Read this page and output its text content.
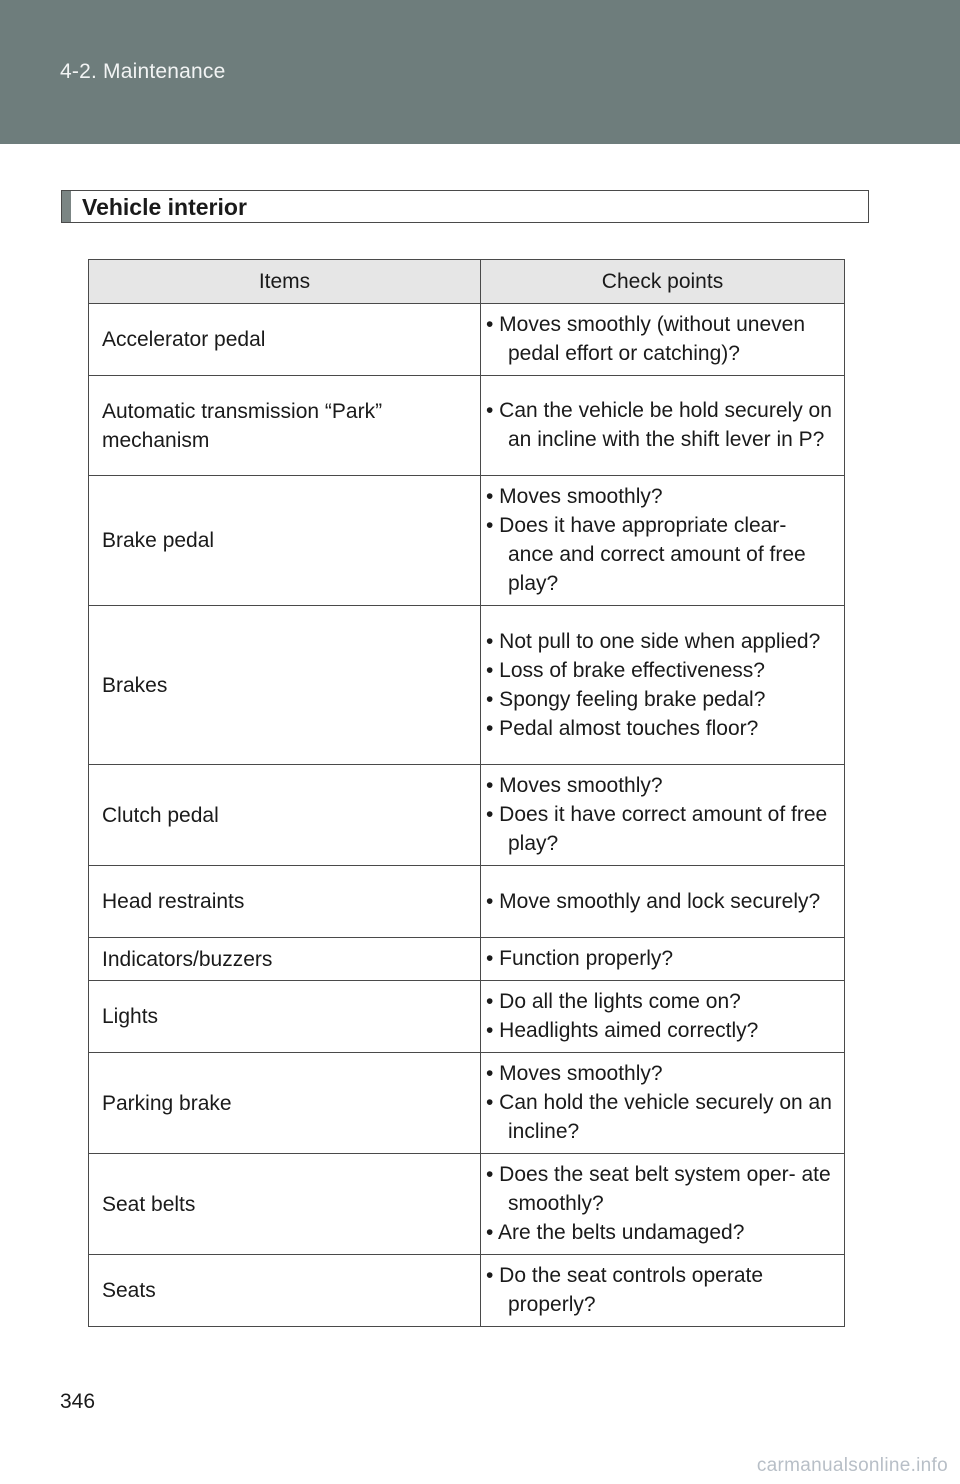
4-2. Maintenance
Vehicle interior
Items	Check points

Accelerator pedal	• Moves smoothly (without uneven pedal effort or catching)?

Automatic transmission “Park”
mechanism	• Can the vehicle be hold securely on an incline with the shift lever in P?

Brake pedal	• Moves smoothly?
• Does it have appropriate clear- ance and correct amount of free play?

Brakes	• Not pull to one side when applied?
• Loss of brake effectiveness?
• Spongy feeling brake pedal?
• Pedal almost touches floor?

Clutch pedal	• Moves smoothly?
• Does it have correct amount of free play?

Head restraints	• Move smoothly and lock securely?

Indicators/buzzers	• Function properly?

Lights	• Do all the lights come on?
• Headlights aimed correctly?

Parking brake	• Moves smoothly?
• Can hold the vehicle securely on an incline?

Seat belts	• Does the seat belt system oper- ate smoothly?
• Are the belts undamaged?

Seats	• Do the seat controls operate properly?
346
carmanualsonline.info
